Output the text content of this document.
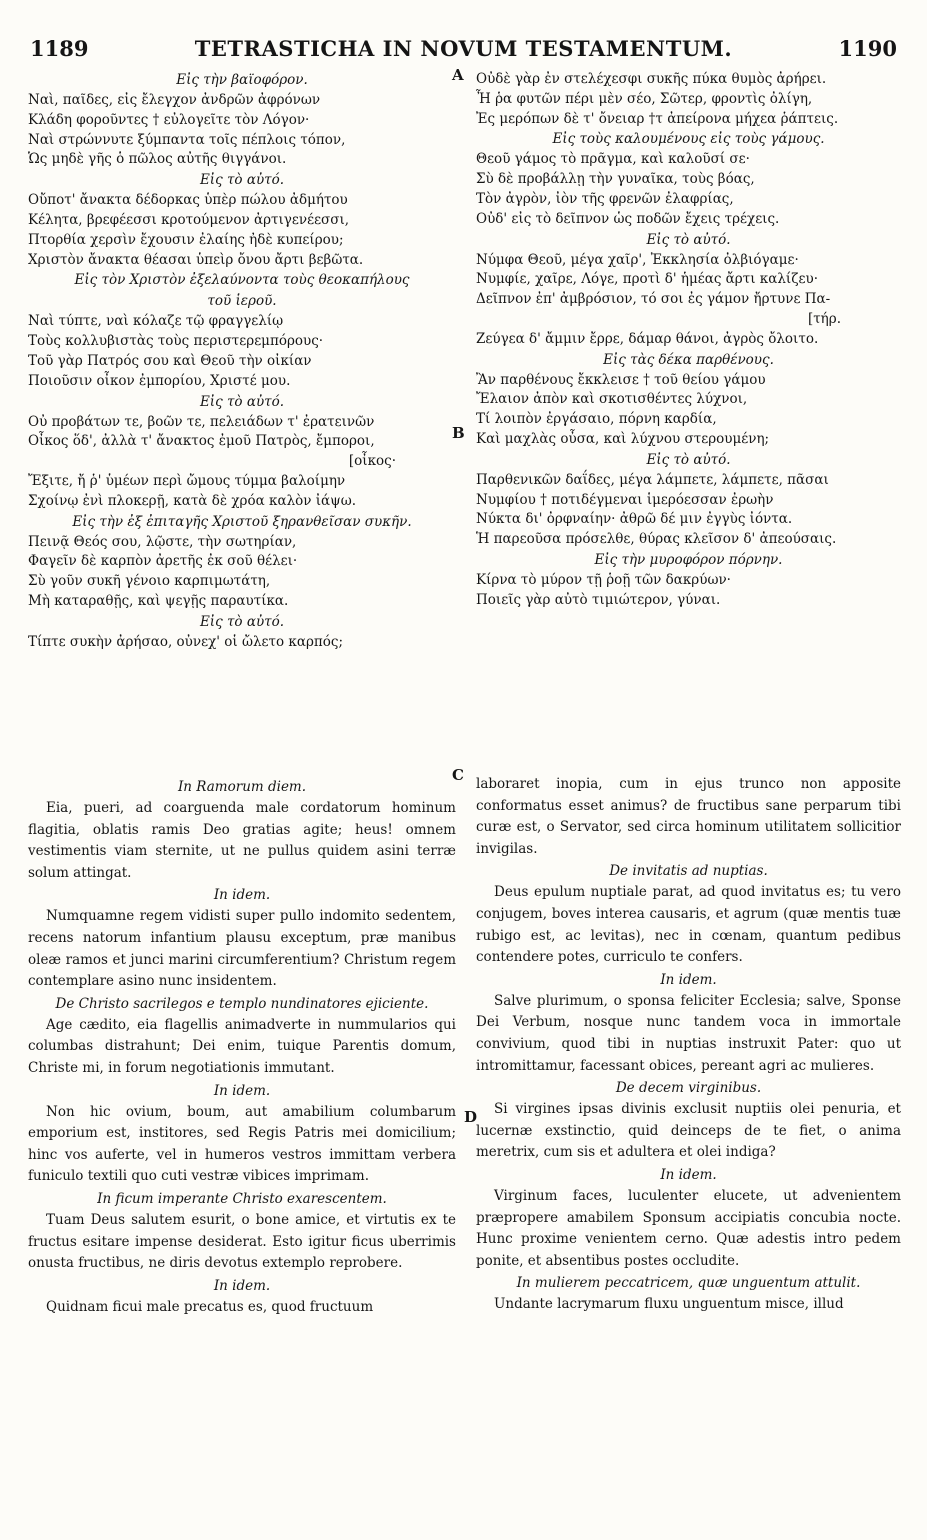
1189	TETRASTICHA IN NOVUM TESTAMENTUM.	1190
A
B
C
D
Εἰς τὴν βαϊοφόρον.
Ναὶ, παῖδες, εἰς ἔλεγχον ἀνδρῶν ἀφρόνων
Κλάδη φοροῦντες † εὐλογεῖτε τὸν Λόγον·
Ναὶ στρώννυτε ξύμπαντα τοῖς πέπλοις τόπον,
Ὡς μηδὲ γῆς ὁ πῶλος αὐτῆς θιγγάνοι.
Εἰς τὸ αὐτό.
Οὔποτ' ἄνακτα δέδορκας ὑπὲρ πώλου ἀδμήτου
Κέλητα, βρεφέεσσι κροτούμενον ἀρτιγενέεσσι,
Πτορθία χερσὶν ἔχουσιν ἐλαίης ἠδὲ κυπείρου;
Χριστὸν ἄνακτα θέασαι ὑπεὶρ ὄνου ἄρτι βεβῶτα.
Εἰς τὸν Χριστὸν ἐξελαύνοντα τοὺς θεοκαπήλους
τοῦ ἱεροῦ.
Ναὶ τύπτε, ναὶ κόλαζε τῷ φραγγελίῳ
Τοὺς κολλυβιστὰς τοὺς περιστερεμπόρους·
Τοῦ γὰρ Πατρός σου καὶ Θεοῦ τὴν οἰκίαν
Ποιοῦσιν οἶκον ἐμπορίου, Χριστέ μου.
Εἰς τὸ αὐτό.
Οὐ προβάτων τε, βοῶν τε, πελειάδων τ' ἐρατεινῶν
Οἶκος ὅδ', ἀλλὰ τ' ἄνακτος ἐμοῦ Πατρὸς, ἔμποροι,
[οἶκος·
Ἔξιτε, ἤ ῥ' ὑμέων περὶ ὤμους τύμμα βαλοίμην
Σχοίνῳ ἐνὶ πλοκερῇ, κατὰ δὲ χρόα καλὸν ἰάψω.
Εἰς τὴν ἐξ ἐπιταγῆς Χριστοῦ ξηρανθεῖσαν συκῆν.
Πεινᾷ Θεός σου, λῷστε, τὴν σωτηρίαν,
Φαγεῖν δὲ καρπὸν ἀρετῆς ἐκ σοῦ θέλει·
Σὺ γοῦν συκῆ γένοιο καρπιμωτάτη,
Μὴ καταραθῇς, καὶ ψεγῇς παραυτίκα.
Εἰς τὸ αὐτό.
Τίπτε συκὴν ἀρήσαο, οὐνεχ' οἱ ὤλετο καρπός;
Οὐδὲ γὰρ ἐν στελέχεσφι συκῆς πύκα θυμὸς ἀρήρει.
Ἦ ῥα φυτῶν πέρι μὲν σέο, Σῶτερ, φροντὶς ὀλίγη,
Ἐς μερόπων δὲ τ' ὄνειαρ †τ ἀπείρονα μήχεα ῥάπτεις.
Εἰς τοὺς καλουμένους εἰς τοὺς γάμους.
Θεοῦ γάμος τὸ πρᾶγμα, καὶ καλοῦσί σε·
Σὺ δὲ προβάλλῃ τὴν γυναῖκα, τοὺς βόας,
Τὸν ἀγρὸν, ἰὸν τῆς φρενῶν ἐλαφρίας,
Οὐδ' εἰς τὸ δεῖπνον ὡς ποδῶν ἔχεις τρέχεις.
Εἰς τὸ αὐτό.
Νύμφα Θεοῦ, μέγα χαῖρ', Ἐκκλησία ὀλβιόγαμε·
Νυμφίε, χαῖρε, Λόγε, προτὶ δ' ἡμέας ἄρτι καλίζευ·
Δεῖπνον ἐπ' ἀμβρόσιον, τό σοι ἐς γάμον ἤρτυνε Πα-
[τήρ.
Ζεύγεα δ' ἄμμιν ἔρρε, δάμαρ θάνοι, ἀγρὸς ὄλοιτο.
Εἰς τὰς δέκα παρθένους.
Ἂν παρθένους ἔκκλεισε † τοῦ θείου γάμου
Ἔλαιον ἀπὸν καὶ σκοτισθέντες λύχνοι,
Τί λοιπὸν ἐργάσαιο, πόρνη καρδία,
Καὶ μαχλὰς οὖσα, καὶ λύχνου στερουμένη;
Εἰς τὸ αὐτό.
Παρθενικῶν δαΐδες, μέγα λάμπετε, λάμπετε, πᾶσαι
Νυμφίου † ποτιδέγμεναι ἱμερόεσσαν ἐρωὴν
Νύκτα δι' ὀρφναίην· ἀθρῶ δέ μιν ἐγγὺς ἰόντα.
Ἡ παρεοῦσα πρόσελθε, θύρας κλεῖσον δ' ἀπεούσαις.
Εἰς τὴν μυροφόρον πόρνην.
Κίρνα τὸ μύρον τῇ ῥοῇ τῶν δακρύων·
Ποιεῖς γὰρ αὐτὸ τιμιώτερον, γύναι.
In Ramorum diem.
Eia, pueri, ad coarguenda male cordatorum hominum flagitia, oblatis ramis Deo gratias agite; heus! omnem vestimentis viam sternite, ut ne pullus quidem asini terræ solum attingat.
In idem.
Numquamne regem vidisti super pullo indomito sedentem, recens natorum infantium plausu exceptum, præ manibus oleæ ramos et junci marini circumferentium? Christum regem contemplare asino nunc insidentem.
De Christo sacrilegos e templo nundinatores ejiciente.
Age cædito, eia flagellis animadverte in nummularios qui columbas distrahunt; Dei enim, tuique Parentis domum, Christe mi, in forum negotiationis immutant.
In idem.
Non hic ovium, boum, aut amabilium columbarum emporium est, institores, sed Regis Patris mei domicilium; hinc vos auferte, vel in humeros vestros immittam verbera funiculo textili quo cuti vestræ vibices imprimam.
In ficum imperante Christo exarescentem.
Tuam Deus salutem esurit, o bone amice, et virtutis ex te fructus esitare impense desiderat. Esto igitur ficus uberrimis onusta fructibus, ne diris devotus extemplo reprobere.
In idem.
Quidnam ficui male precatus es, quod fructuum
laboraret inopia, cum in ejus trunco non apposite conformatus esset animus? de fructibus sane perparum tibi curæ est, o Servator, sed circa hominum utilitatem sollicitior invigilas.
De invitatis ad nuptias.
Deus epulum nuptiale parat, ad quod invitatus es; tu vero conjugem, boves interea causaris, et agrum (quæ mentis tuæ rubigo est, ac levitas), nec in cœnam, quantum pedibus contendere potes, curriculo te confers.
In idem.
Salve plurimum, o sponsa feliciter Ecclesia; salve, Sponse Dei Verbum, nosque nunc tandem voca in immortale convivium, quod tibi in nuptias instruxit Pater: quo ut intromittamur, facessant obices, pereant agri ac mulieres.
De decem virginibus.
Si virgines ipsas divinis exclusit nuptiis olei penuria, et lucernæ exstinctio, quid deinceps de te fiet, o anima meretrix, cum sis et adultera et olei indiga?
In idem.
Virginum faces, luculenter elucete, ut advenientem præpropere amabilem Sponsum accipiatis concubia nocte. Hunc proxime venientem cerno. Quæ adestis intro pedem ponite, et absentibus postes occludite.
In mulierem peccatricem, quæ unguentum attulit.
Undante lacrymarum fluxu unguentum misce, illud
